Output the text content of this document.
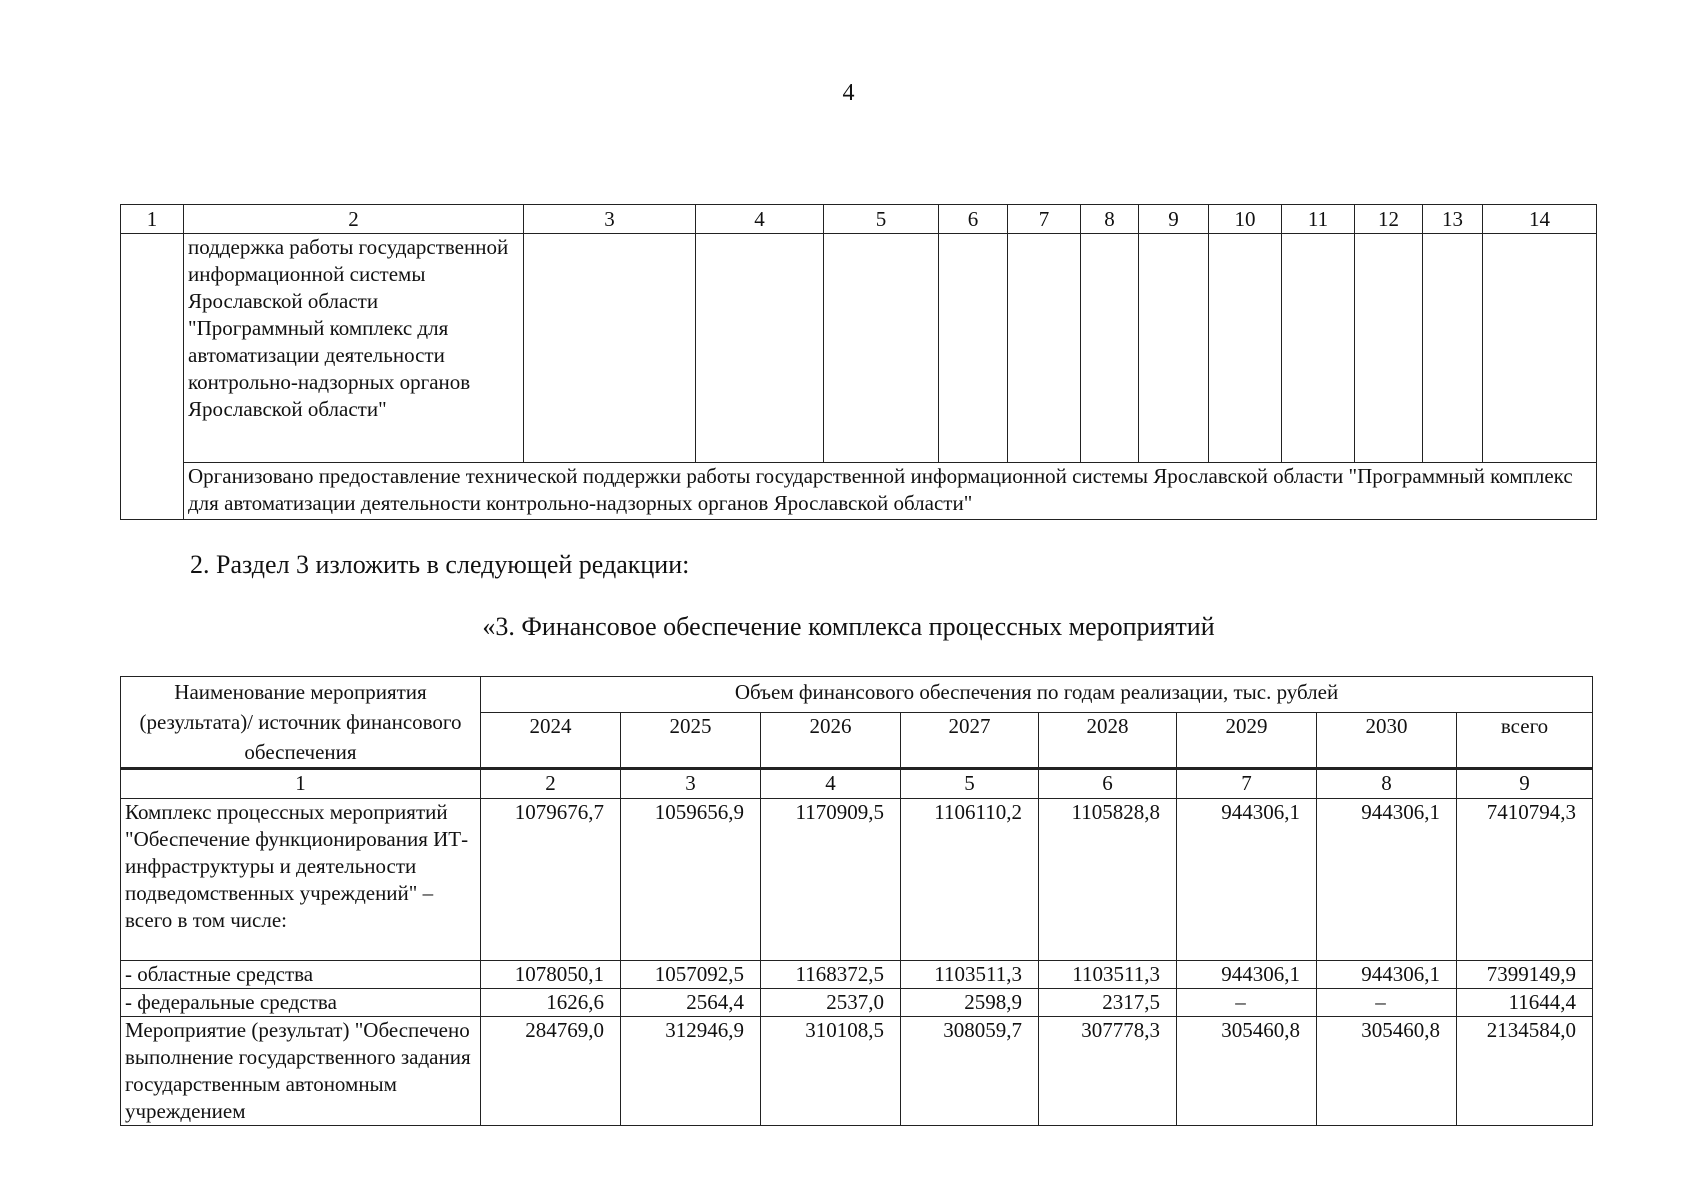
4
1	2	3	4	5	6	7	8	9	10	11	12	13	14
	поддержка работы государственной информационной системы Ярославской области "Программный комплекс для автоматизации деятельности контрольно-надзорных органов Ярославской области"												
	Организовано предоставление технической поддержки работы государственной информационной системы Ярославской области "Программный комплекс для автоматизации деятельности контрольно-надзорных органов Ярославской области"												
2. Раздел 3 изложить в следующей редакции:
«3. Финансовое обеспечение комплекса процессных мероприятий
Наименование мероприятия (результата)/ источник финансового обеспечения	Объем финансового обеспечения по годам реализации, тыс. рублей							
	2024	2025	2026	2027	2028	2029	2030	всего
1	2	3	4	5	6	7	8	9
Комплекс процессных мероприятий "Обеспечение функционирования ИТ-инфраструктуры и деятельности подведомственных учреждений" – всего в том числе:	1079676,7	1059656,9	1170909,5	1106110,2	1105828,8	944306,1	944306,1	7410794,3
- областные средства	1078050,1	1057092,5	1168372,5	1103511,3	1103511,3	944306,1	944306,1	7399149,9
- федеральные средства	1626,6	2564,4	2537,0	2598,9	2317,5	–	–	11644,4
Мероприятие (результат) "Обеспечено выполнение государственного задания государственным автономным учреждением	284769,0	312946,9	310108,5	308059,7	307778,3	305460,8	305460,8	2134584,0
